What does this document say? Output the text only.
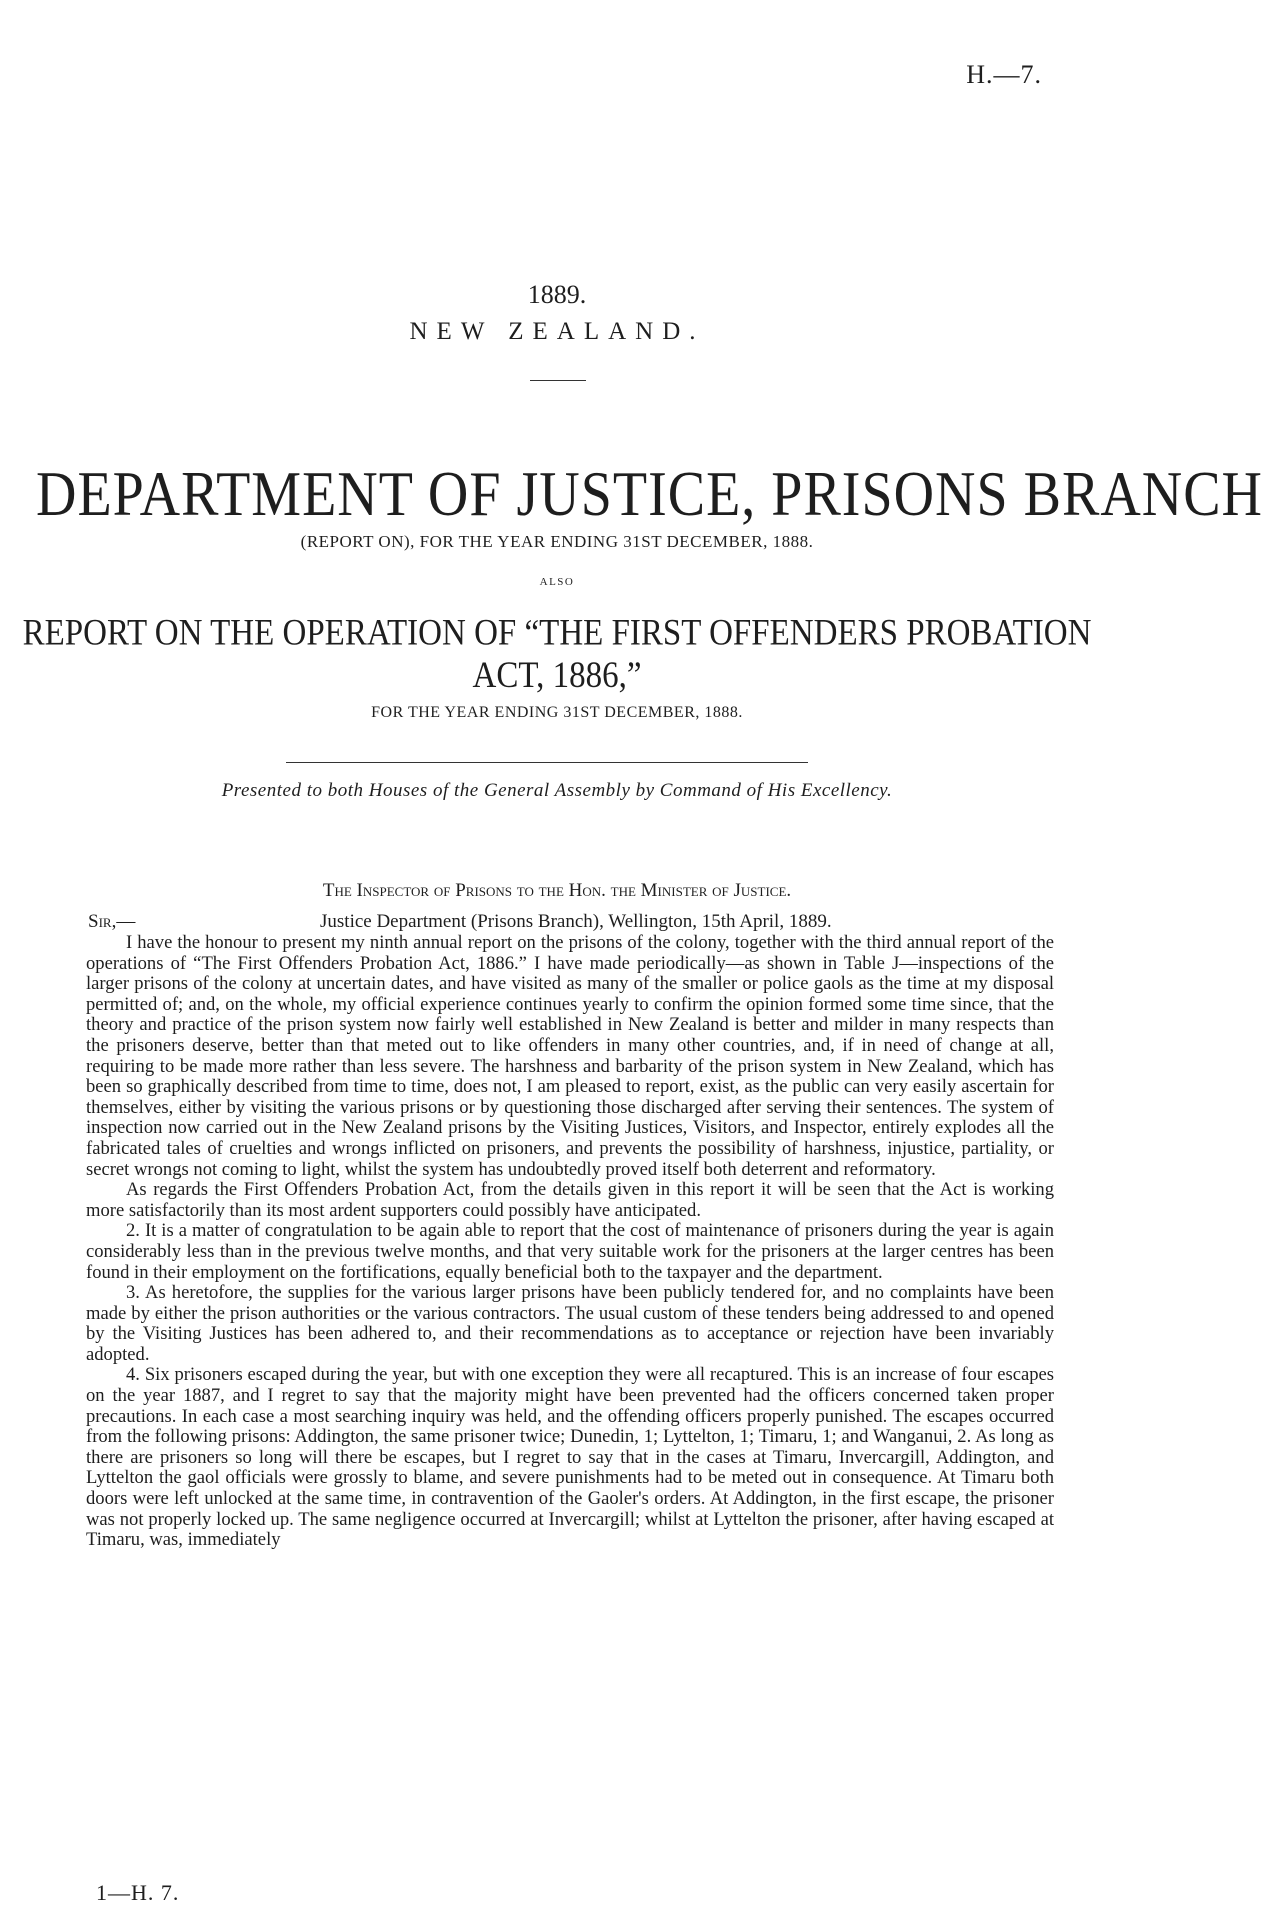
H.—7.
1889.
NEW ZEALAND.
DEPARTMENT OF JUSTICE, PRISONS BRANCH
(REPORT ON), FOR THE YEAR ENDING 31ST DECEMBER, 1888.
ALSO
REPORT ON THE OPERATION OF “THE FIRST OFFENDERS PROBATION
ACT, 1886,”
FOR THE YEAR ENDING 31ST DECEMBER, 1888.
Presented to both Houses of the General Assembly by Command of His Excellency.
The Inspector of Prisons to the Hon. the Minister of Justice.
Sir,—	Justice Department (Prisons Branch), Wellington, 15th April, 1889.

I have the honour to present my ninth annual report on the prisons of the colony, together with the third annual report of the operations of “The First Offenders Probation Act, 1886.” I have made periodically—as shown in Table J—inspections of the larger prisons of the colony at uncertain dates, and have visited as many of the smaller or police gaols as the time at my disposal permitted of; and, on the whole, my official experience continues yearly to confirm the opinion formed some time since, that the theory and practice of the prison system now fairly well established in New Zealand is better and milder in many respects than the prisoners deserve, better than that meted out to like offenders in many other countries, and, if in need of change at all, requiring to be made more rather than less severe. The harshness and barbarity of the prison system in New Zealand, which has been so graphically described from time to time, does not, I am pleased to report, exist, as the public can very easily ascertain for themselves, either by visiting the various prisons or by questioning those discharged after serving their sentences. The system of inspection now carried out in the New Zealand prisons by the Visiting Justices, Visitors, and Inspector, entirely explodes all the fabricated tales of cruelties and wrongs inflicted on prisoners, and prevents the possibility of harshness, injustice, partiality, or secret wrongs not coming to light, whilst the system has undoubtedly proved itself both deterrent and reformatory.

As regards the First Offenders Probation Act, from the details given in this report it will be seen that the Act is working more satisfactorily than its most ardent supporters could possibly have anticipated.

2. It is a matter of congratulation to be again able to report that the cost of maintenance of prisoners during the year is again considerably less than in the previous twelve months, and that very suitable work for the prisoners at the larger centres has been found in their employment on the fortifications, equally beneficial both to the taxpayer and the department.

3. As heretofore, the supplies for the various larger prisons have been publicly tendered for, and no complaints have been made by either the prison authorities or the various contractors. The usual custom of these tenders being addressed to and opened by the Visiting Justices has been adhered to, and their recommendations as to acceptance or rejection have been invariably adopted.

4. Six prisoners escaped during the year, but with one exception they were all recaptured. This is an increase of four escapes on the year 1887, and I regret to say that the majority might have been prevented had the officers concerned taken proper precautions. In each case a most searching inquiry was held, and the offending officers properly punished. The escapes occurred from the following prisons: Addington, the same prisoner twice; Dunedin, 1; Lyttelton, 1; Timaru, 1; and Wanganui, 2. As long as there are prisoners so long will there be escapes, but I regret to say that in the cases at Timaru, Invercargill, Addington, and Lyttelton the gaol officials were grossly to blame, and severe punishments had to be meted out in consequence. At Timaru both doors were left unlocked at the same time, in contravention of the Gaoler's orders. At Addington, in the first escape, the prisoner was not properly locked up. The same negligence occurred at Invercargill; whilst at Lyttelton the prisoner, after having escaped at Timaru, was, immediately

1—H. 7.
